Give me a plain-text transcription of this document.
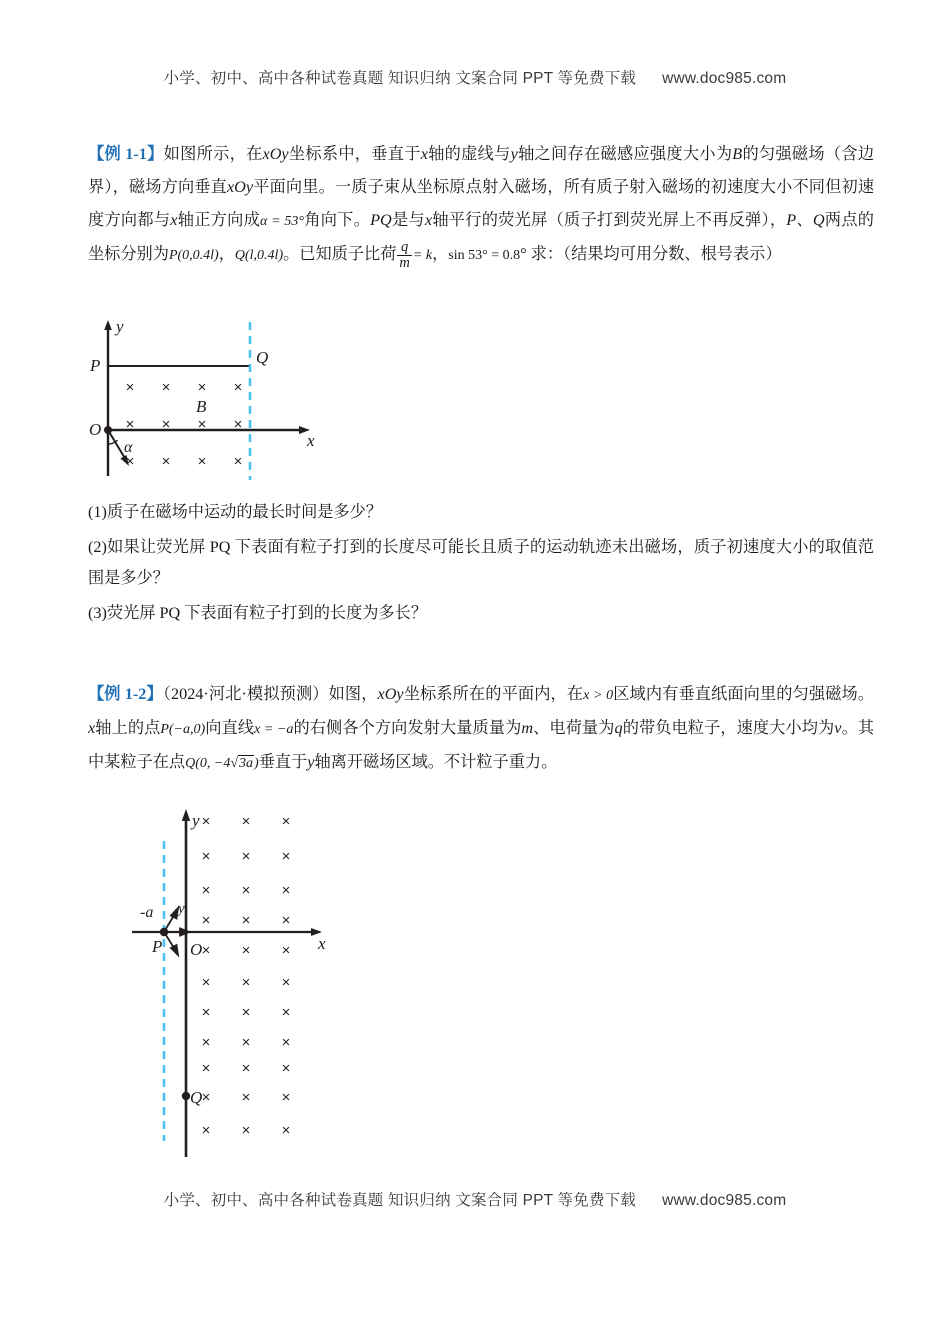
小学、初中、高中各种试卷真题 知识归纳 文案合同 PPT 等免费下载 www.doc985.com
【例 1-1】如图所示，在xOy坐标系中，垂直于x轴的虚线与y轴之间存在磁感应强度大小为B的匀强磁场（含边界），磁场方向垂直xOy平面向里。一质子束从坐标原点射入磁场，所有质子射入磁场的初速度大小不同但初速度方向都与x轴正方向成α = 53°角向下。PQ是与x轴平行的荧光屏（质子打到荧光屏上不再反弹），P、Q两点的坐标分别为P(0,0.4l)，Q(l,0.4l)。已知质子比荷 $\frac{q}{m} = k$，sin 53° = 0.8° 求：（结果均可用分数、根号表示）
× × × ×
× × × ×
× × × ×
y
x
P	Q
O
B
α
(1)质子在磁场中运动的最长时间是多少？
(2)如果让荧光屏 PQ 下表面有粒子打到的长度尽可能长且质子的运动轨迹未出磁场，质子初速度大小的取值范围是多少？
(3)荧光屏 PQ 下表面有粒子打到的长度为多长？
【例 1-2】（2024·河北·模拟预测）如图，xOy坐标系所在的平面内，在x > 0区域内有垂直纸面向里的匀强磁场。x轴上的点P(−a,0)向直线x = −a的右侧各个方向发射大量质量为m、电荷量为q的带负电粒子，速度大小均为v。其中某粒子在点Q(0, −4√3a)垂直于y轴离开磁场区域。不计粒子重力。
× × ×
× × ×
× × ×
× × ×
× × ×
× × ×
× × ×
× × ×
× × ×
× × ×
× × ×
y
x
-a y
P O
Q
小学、初中、高中各种试卷真题 知识归纳 文案合同 PPT 等免费下载 www.doc985.com
